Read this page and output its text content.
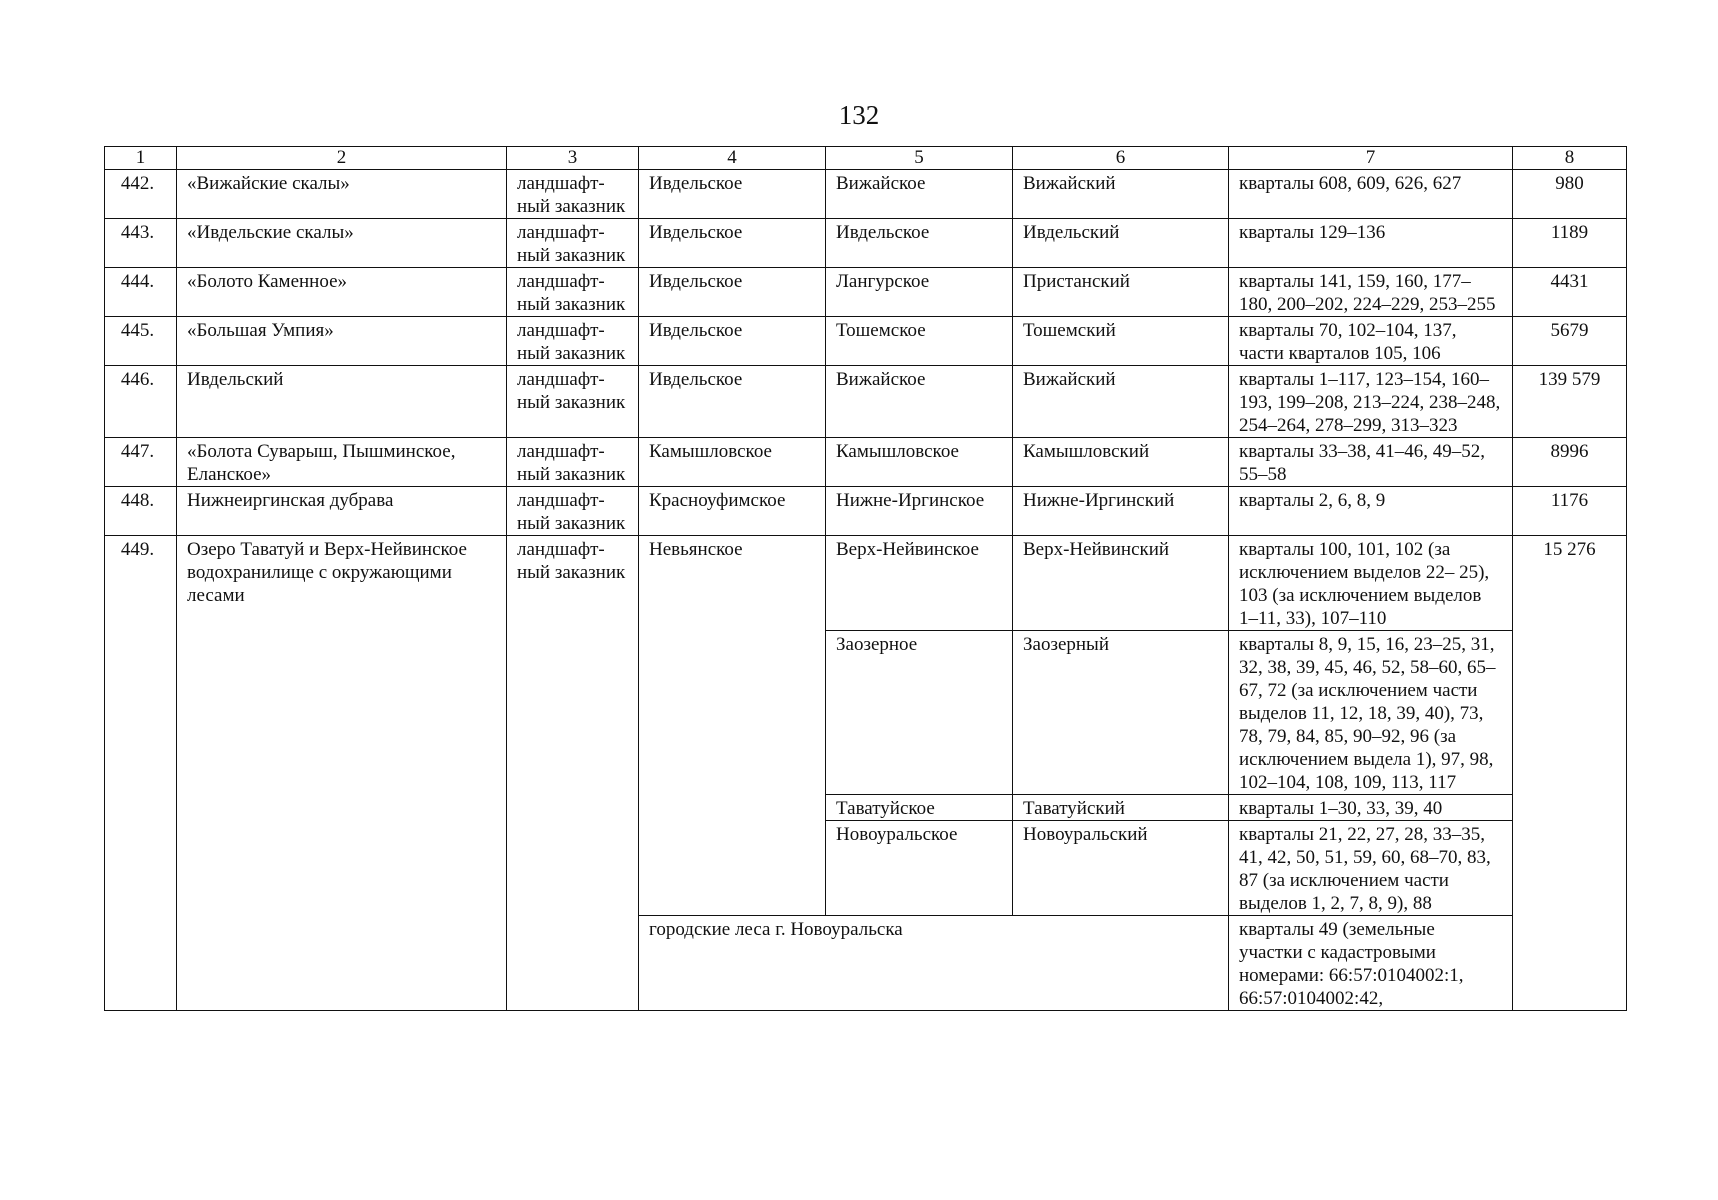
132
1	2	3	4	5	6	7	8
442.	«Вижайские скалы»	ландшафт-ный заказник	Ивдельское	Вижайское	Вижайский	кварталы 608, 609, 626, 627	980
443.	«Ивдельские скалы»	ландшафт-ный заказник	Ивдельское	Ивдельское	Ивдельский	кварталы 129–136	1189
444.	«Болото Каменное»	ландшафт-ный заказник	Ивдельское	Лангурское	Пристанский	кварталы 141, 159, 160, 177–180, 200–202, 224–229, 253–255	4431
445.	«Большая Умпия»	ландшафт-ный заказник	Ивдельское	Тошемское	Тошемский	кварталы 70, 102–104, 137, части кварталов 105, 106	5679
446.	Ивдельский	ландшафт-ный заказник	Ивдельское	Вижайское	Вижайский	кварталы 1–117, 123–154, 160–193, 199–208, 213–224, 238–248, 254–264, 278–299, 313–323	139 579
447.	«Болота Суварыш, Пышминское, Еланское»	ландшафт-ный заказник	Камышловское	Камышловское	Камышловский	кварталы 33–38, 41–46, 49–52, 55–58	8996
448.	Нижнеиргинская дубрава	ландшафт-ный заказник	Красноуфимское	Нижне-Иргинское	Нижне-Иргинский	кварталы 2, 6, 8, 9	1176
449.	Озеро Таватуй и Верх-Нейвинское водохранилище с окружающими лесами	ландшафт-ный заказник	Невьянское	Верх-Нейвинское	Верх-Нейвинский	кварталы 100, 101, 102 (за исключением выделов 22– 25), 103 (за исключением выделов 1–11, 33), 107–110	15 276
				Заозерное	Заозерный	кварталы 8, 9, 15, 16, 23–25, 31, 32, 38, 39, 45, 46, 52, 58–60, 65–67, 72 (за исключением части выделов 11, 12, 18, 39, 40), 73, 78, 79, 84, 85, 90–92, 96 (за исключением выдела 1), 97, 98, 102–104, 108, 109, 113, 117	
				Таватуйское	Таватуйский	кварталы 1–30, 33, 39, 40	
				Новоуральское	Новоуральский	кварталы 21, 22, 27, 28, 33–35, 41, 42, 50, 51, 59, 60, 68–70, 83, 87 (за исключением части выделов 1, 2, 7, 8, 9), 88	
			городские леса г. Новоуральска			кварталы 49 (земельные участки с кадастровыми номерами: 66:57:0104002:1, 66:57:0104002:42,	
